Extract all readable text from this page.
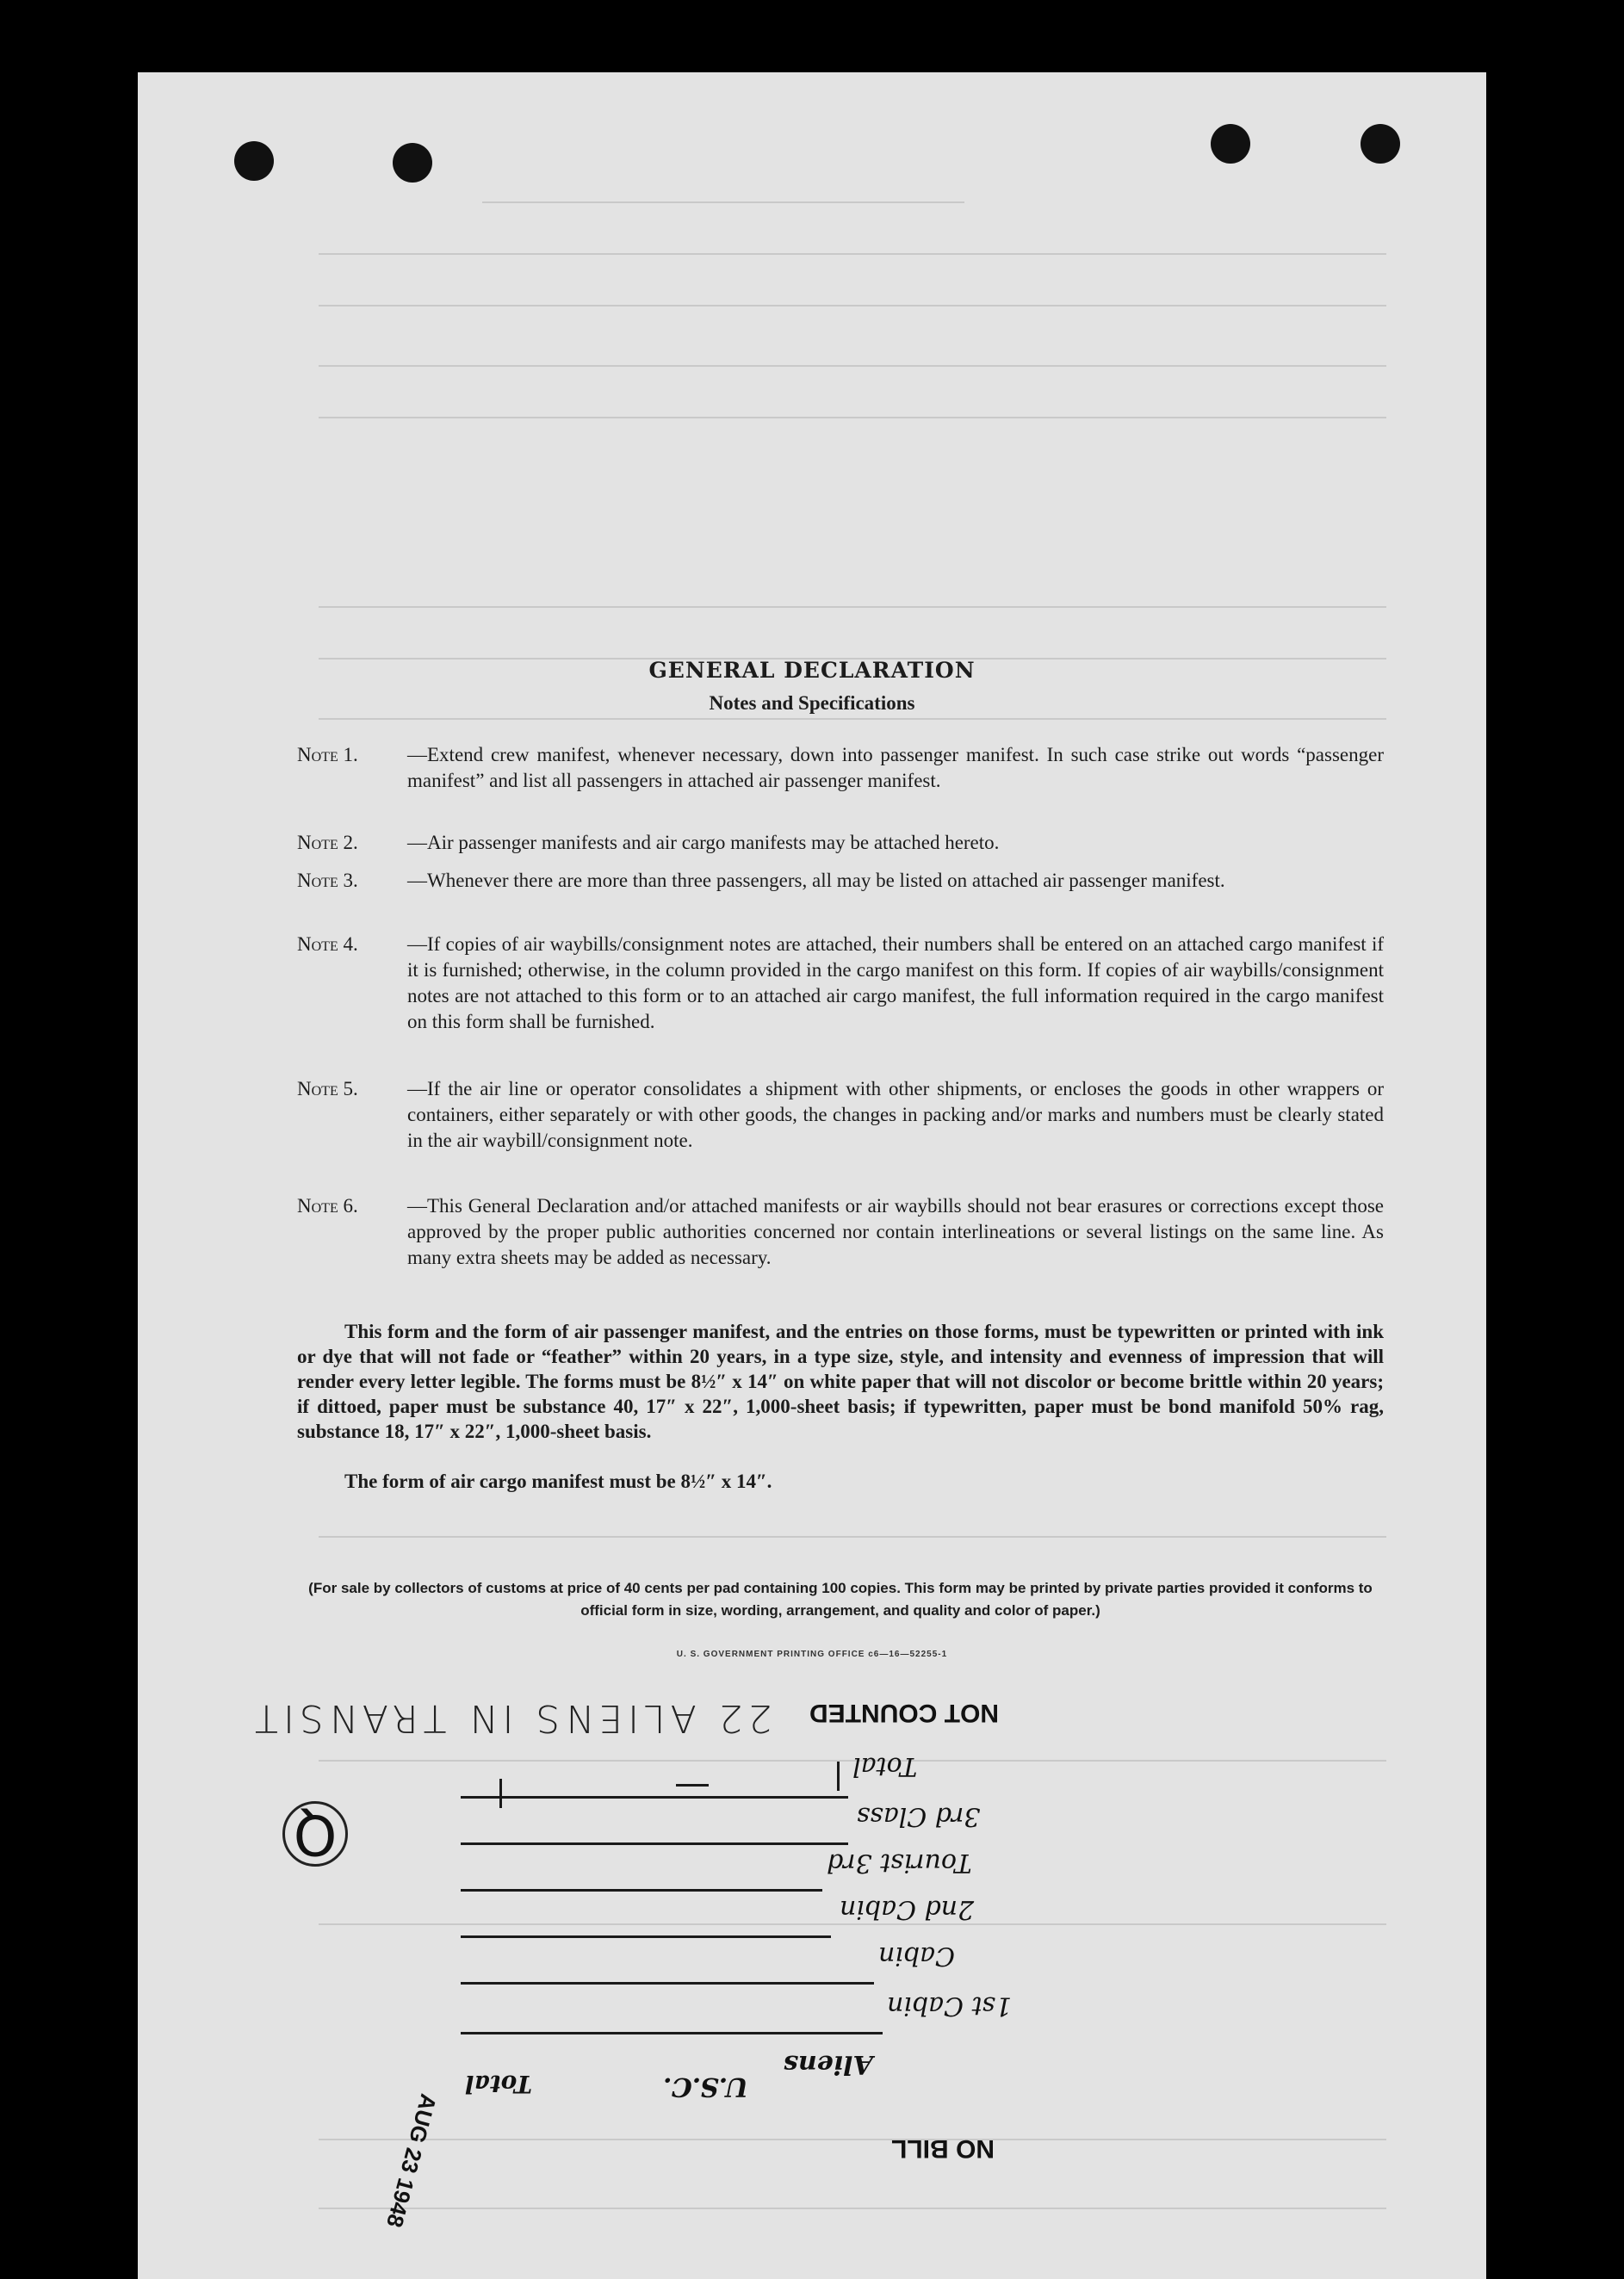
GENERAL DECLARATION
Notes and Specifications
Note 1. —Extend crew manifest, whenever necessary, down into passenger manifest. In such case strike out words “passenger manifest” and list all passengers in attached air passenger manifest.
Note 2. —Air passenger manifests and air cargo manifests may be attached hereto.
Note 3. —Whenever there are more than three passengers, all may be listed on attached air passenger manifest.
Note 4. —If copies of air waybills/consignment notes are attached, their numbers shall be entered on an attached cargo manifest if it is furnished; otherwise, in the column provided in the cargo manifest on this form. If copies of air waybills/consignment notes are not attached to this form or to an attached air cargo manifest, the full information required in the cargo manifest on this form shall be furnished.
Note 5. —If the air line or operator consolidates a shipment with other shipments, or encloses the goods in other wrappers or containers, either separately or with other goods, the changes in packing and/or marks and numbers must be clearly stated in the air waybill/consignment note.
Note 6. —This General Declaration and/or attached manifests or air waybills should not bear erasures or corrections except those approved by the proper public authorities concerned nor contain interlineations or several listings on the same line. As many extra sheets may be added as necessary.
This form and the form of air passenger manifest, and the entries on those forms, must be typewritten or printed with ink or dye that will not fade or “feather” within 20 years, in a type size, style, and intensity and evenness of impression that will render every letter legible. The forms must be 8½″ x 14″ on white paper that will not discolor or become brittle within 20 years; if dittoed, paper must be substance 40, 17″ x 22″, 1,000-sheet basis; if typewritten, paper must be bond manifold 50% rag, substance 18, 17″ x 22″, 1,000-sheet basis.
The form of air cargo manifest must be 8½″ x 14″.
(For sale by collectors of customs at price of 40 cents per pad containing 100 copies. This form may be printed by private parties provided it conforms to official form in size, wording, arrangement, and quality and color of paper.)
U. S. GOVERNMENT PRINTING OFFICE c6—16—52255-1
NOT COUNTED
22 ALIENS IN TRANSIT
Total
3rd Class
Tourist 3rd
2nd Cabin
Cabin
1st Cabin
Aliens
U.S.C.
Total
NO BILL
AUG 23 1948
Q
